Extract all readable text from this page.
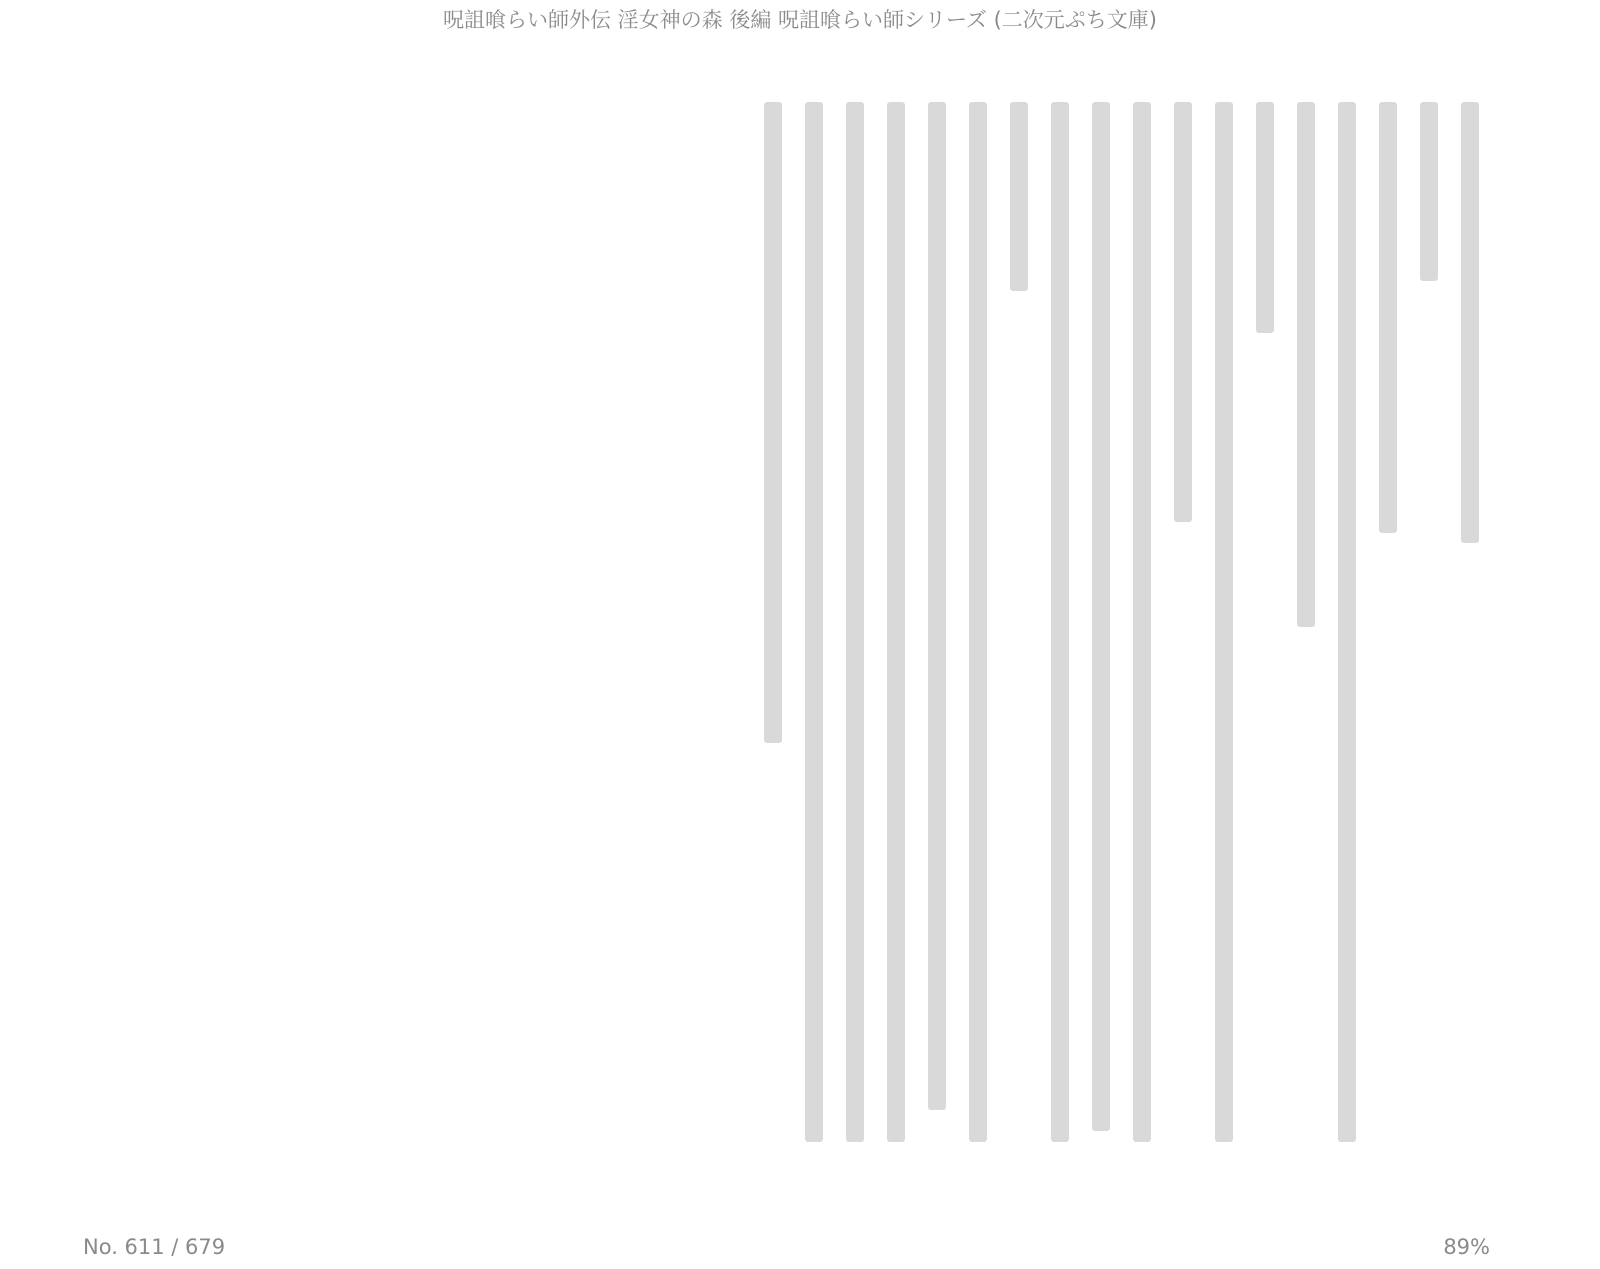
呪詛喰らい師外伝 淫女神の森 後編 呪詛喰らい師シリーズ (二次元ぷち文庫)
No. 611 / 679	89%
